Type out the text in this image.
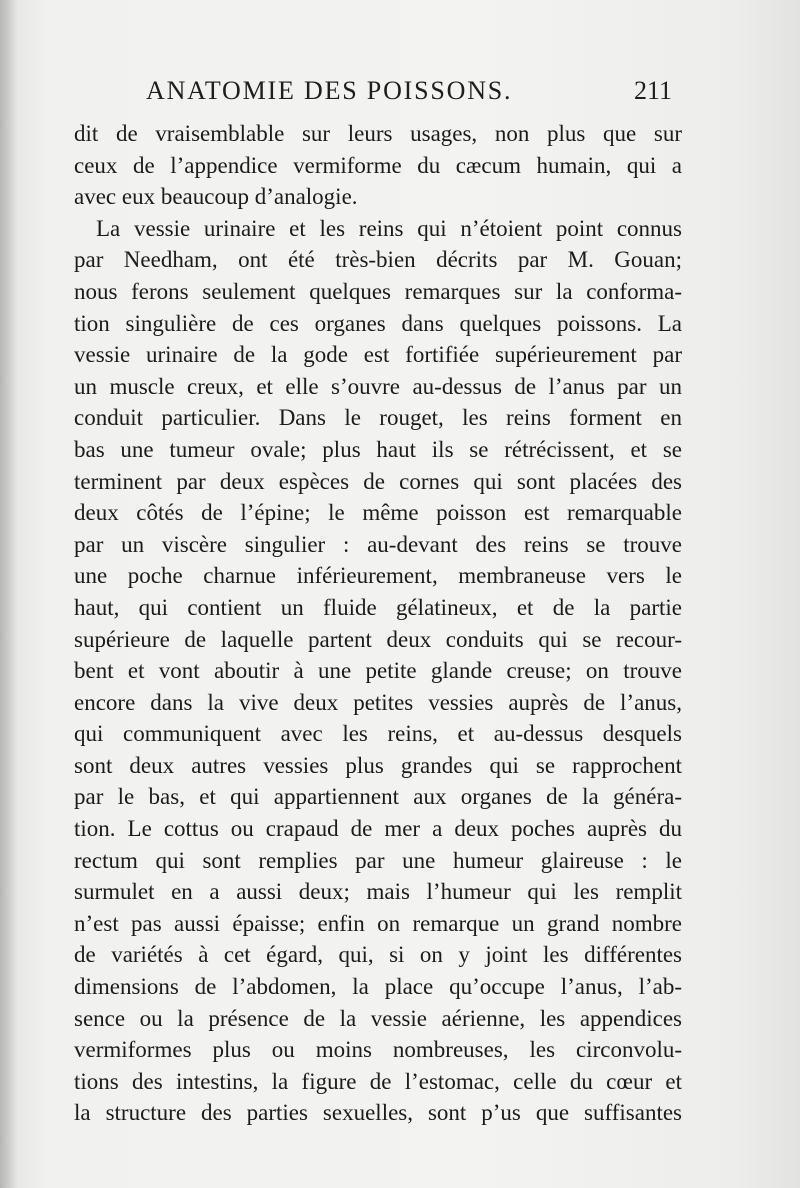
ANATOMIE DES POISSONS.	211
dit de vraisemblable sur leurs usages, non plus que sur
ceux de l’appendice vermiforme du cæcum humain, qui a
avec eux beaucoup d’analogie.
La vessie urinaire et les reins qui n’étoient point connus
par Needham, ont été très-bien décrits par M. Gouan;
nous ferons seulement quelques remarques sur la conforma-
tion singulière de ces organes dans quelques poissons. La
vessie urinaire de la gode est fortifiée supérieurement par
un muscle creux, et elle s’ouvre au-dessus de l’anus par un
conduit particulier. Dans le rouget, les reins forment en
bas une tumeur ovale; plus haut ils se rétrécissent, et se
terminent par deux espèces de cornes qui sont placées des
deux côtés de l’épine; le même poisson est remarquable
par un viscère singulier : au-devant des reins se trouve
une poche charnue inférieurement, membraneuse vers le
haut, qui contient un fluide gélatineux, et de la partie
supérieure de laquelle partent deux conduits qui se recour-
bent et vont aboutir à une petite glande creuse; on trouve
encore dans la vive deux petites vessies auprès de l’anus,
qui communiquent avec les reins, et au-dessus desquels
sont deux autres vessies plus grandes qui se rapprochent
par le bas, et qui appartiennent aux organes de la généra-
tion. Le cottus ou crapaud de mer a deux poches auprès du
rectum qui sont remplies par une humeur glaireuse : le
surmulet en a aussi deux; mais l’humeur qui les remplit
n’est pas aussi épaisse; enfin on remarque un grand nombre
de variétés à cet égard, qui, si on y joint les différentes
dimensions de l’abdomen, la place qu’occupe l’anus, l’ab-
sence ou la présence de la vessie aérienne, les appendices
vermiformes plus ou moins nombreuses, les circonvolu-
tions des intestins, la figure de l’estomac, celle du cœur et
la structure des parties sexuelles, sont p’us que suffisantes
